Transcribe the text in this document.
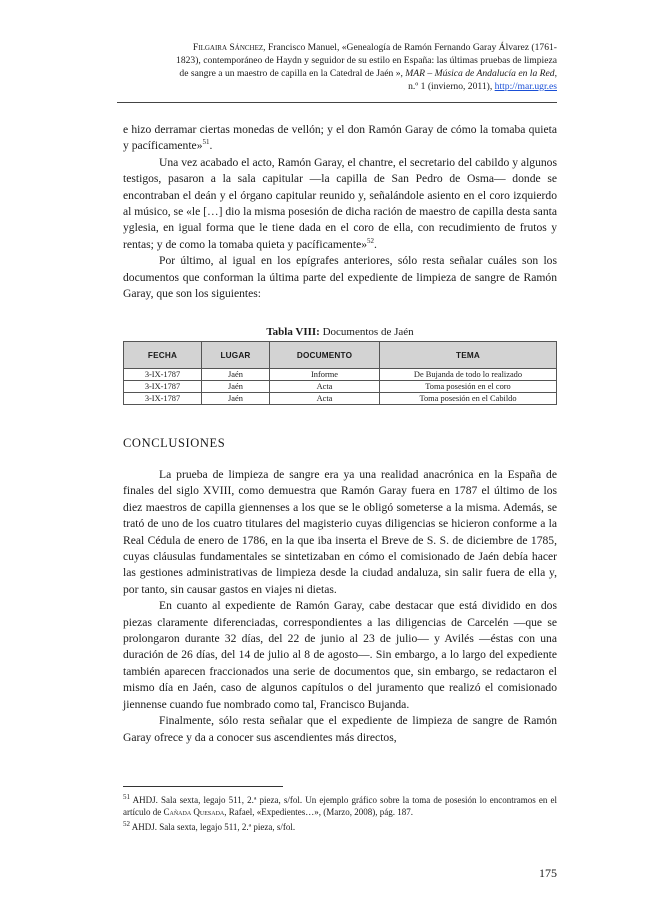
Filgaira Sánchez, Francisco Manuel, «Genealogía de Ramón Fernando Garay Álvarez (1761-
1823), contemporáneo de Haydn y seguidor de su estilo en España: las últimas pruebas de limpieza
de sangre a un maestro de capilla en la Catedral de Jaén », MAR – Música de Andalucía en la Red,
n.º 1 (invierno, 2011), http://mar.ugr.es

e hizo derramar ciertas monedas de vellón; y el don Ramón Garay de cómo la tomaba quieta y pacíficamente»$^{51}$.

Una vez acabado el acto, Ramón Garay, el chantre, el secretario del cabildo y algunos testigos, pasaron a la sala capitular —la capilla de San Pedro de Osma— donde se encontraban el deán y el órgano capitular reunido y, señalándole asiento en el coro izquierdo al músico, se «le […] dio la misma posesión de dicha ración de maestro de capilla desta santa yglesia, en igual forma que le tiene dada en el coro de ella, con recudimiento de frutos y rentas; y de como la tomaba quieta y pacíficamente»$^{52}$.

Por último, al igual en los epígrafes anteriores, sólo resta señalar cuáles son los documentos que conforman la última parte del expediente de limpieza de sangre de Ramón Garay, que son los siguientes:

Tabla VIII: Documentos de Jaén
FECHA	LUGAR	DOCUMENTO	TEMA
3-IX-1787	Jaén	Informe	De Bujanda de todo lo realizado
3-IX-1787	Jaén	Acta	Toma posesión en el coro
3-IX-1787	Jaén	Acta	Toma posesión en el Cabildo
CONCLUSIONES

La prueba de limpieza de sangre era ya una realidad anacrónica en la España de finales del siglo XVIII, como demuestra que Ramón Garay fuera en 1787 el último de los diez maestros de capilla giennenses a los que se le obligó someterse a la misma. Además, se trató de uno de los cuatro titulares del magisterio cuyas diligencias se hicieron conforme a la Real Cédula de enero de 1786, en la que iba inserta el Breve de S. S. de diciembre de 1785, cuyas cláusulas fundamentales se sintetizaban en cómo el comisionado de Jaén debía hacer las gestiones administrativas de limpieza desde la ciudad andaluza, sin salir fuera de ella y, por tanto, sin causar gastos en viajes ni dietas.

En cuanto al expediente de Ramón Garay, cabe destacar que está dividido en dos piezas claramente diferenciadas, correspondientes a las diligencias de Carcelén —que se prolongaron durante 32 días, del 22 de junio al 23 de julio— y Avilés —éstas con una duración de 26 días, del 14 de julio al 8 de agosto—. Sin embargo, a lo largo del expediente también aparecen fraccionados una serie de documentos que, sin embargo, se redactaron el mismo día en Jaén, caso de algunos capítulos o del juramento que realizó el comisionado jiennense cuando fue nombrado como tal, Francisco Bujanda.

Finalmente, sólo resta señalar que el expediente de limpieza de sangre de Ramón Garay ofrece y da a conocer sus ascendientes más directos,

$^{51}$ AHDJ. Sala sexta, legajo 511, 2.ª pieza, s/fol. Un ejemplo gráfico sobre la toma de posesión lo encontramos en el artículo de Cañada Quesada, Rafael, «Expedientes…», (Marzo, 2008), pág. 187.

$^{52}$ AHDJ. Sala sexta, legajo 511, 2.ª pieza, s/fol.

175
